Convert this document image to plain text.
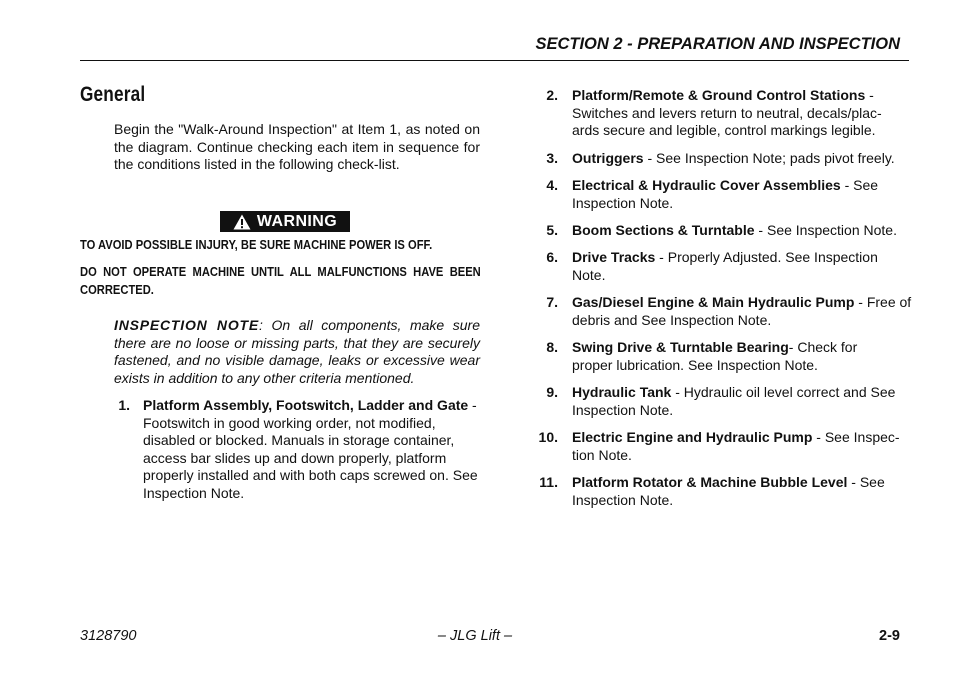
SECTION 2 - PREPARATION AND INSPECTION
General
Begin the "Walk-Around Inspection" at Item 1, as noted on the diagram. Continue checking each item in sequence for the conditions listed in the following check-list.
WARNING
TO AVOID POSSIBLE INJURY, BE SURE MACHINE POWER IS OFF.
DO NOT OPERATE MACHINE UNTIL ALL MALFUNCTIONS HAVE BEEN CORRECTED.
INSPECTION NOTE: On all components, make sure there are no loose or missing parts, that they are securely fastened, and no visible damage, leaks or excessive wear exists in addition to any other criteria mentioned.
1. Platform Assembly, Footswitch, Ladder and Gate - Footswitch in good working order, not modified, disabled or blocked. Manuals in storage container, access bar slides up and down properly, platform properly installed and with both caps screwed on. See Inspection Note.
2. Platform/Remote & Ground Control Stations - Switches and levers return to neutral, decals/plac-ards secure and legible, control markings legible.
3. Outriggers - See Inspection Note; pads pivot freely.
4. Electrical & Hydraulic Cover Assemblies - See Inspection Note.
5. Boom Sections & Turntable - See Inspection Note.
6. Drive Tracks - Properly Adjusted. See Inspection Note.
7. Gas/Diesel Engine & Main Hydraulic Pump - Free of debris and See Inspection Note.
8. Swing Drive & Turntable Bearing- Check for proper lubrication. See Inspection Note.
9. Hydraulic Tank - Hydraulic oil level correct and See Inspection Note.
10. Electric Engine and Hydraulic Pump - See Inspec-tion Note.
11. Platform Rotator & Machine Bubble Level - See Inspection Note.
3128790	– JLG Lift –	2-9
